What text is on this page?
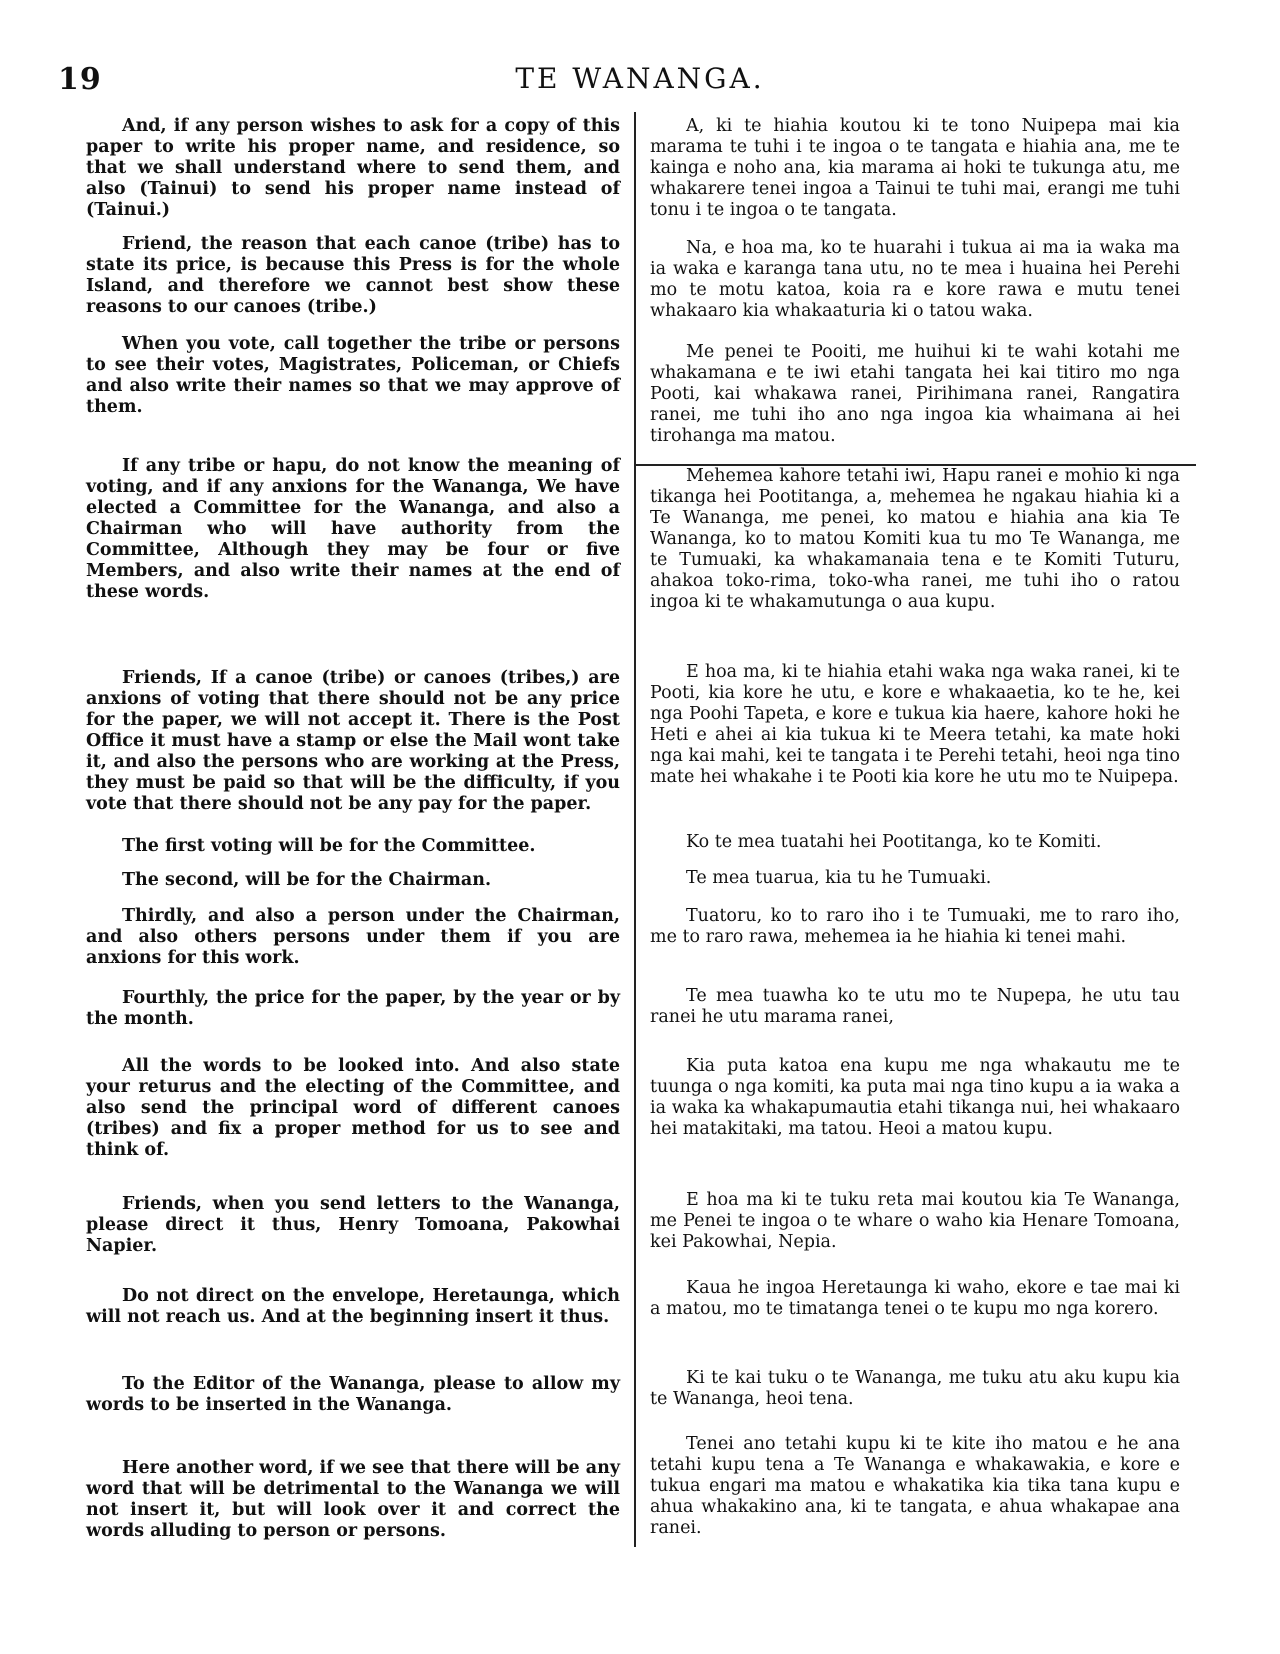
19	TE WANANGA.

And, if any person wishes to ask for a copy of this paper to write his proper name, and residence, so that we shall understand where to send them, and also (Tainui) to send his proper name instead of (Tainui.)

Friend, the reason that each canoe (tribe) has to state its price, is because this Press is for the whole Island, and therefore we cannot best show these reasons to our canoes (tribe.)

When you vote, call together the tribe or persons to see their votes, Magistrates, Policeman, or Chiefs and also write their names so that we may approve of them.

If any tribe or hapu, do not know the meaning of voting, and if any anxions for the Wananga, We have elected a Committee for the Wananga, and also a Chairman who will have authority from the Committee, Although they may be four or five Members, and also write their names at the end of these words.

Friends, If a canoe (tribe) or canoes (tribes,) are anxions of voting that there should not be any price for the paper, we will not accept it. There is the Post Office it must have a stamp or else the Mail wont take it, and also the persons who are working at the Press, they must be paid so that will be the difficulty, if you vote that there should not be any pay for the paper.

The first voting will be for the Committee.

The second, will be for the Chairman.

Thirdly, and also a person under the Chairman, and also others persons under them if you are anxions for this work.

Fourthly, the price for the paper, by the year or by the month.

All the words to be looked into. And also state your returus and the electing of the Committee, and also send the principal word of different canoes (tribes) and fix a proper method for us to see and think of.

Friends, when you send letters to the Wananga, please direct it thus, Henry Tomoana, Pakowhai Napier.

Do not direct on the envelope, Heretaunga, which will not reach us. And at the beginning insert it thus.

To the Editor of the Wananga, please to allow my words to be inserted in the Wananga.

Here another word, if we see that there will be any word that will be detrimental to the Wananga we will not insert it, but will look over it and correct the words alluding to person or persons.

A, ki te hiahia koutou ki te tono Nuipepa mai kia marama te tuhi i te ingoa o te tangata e hiahia ana, me te kainga e noho ana, kia marama ai hoki te tukunga atu, me whakarere tenei ingoa a Tainui te tuhi mai, erangi me tuhi tonu i te ingoa o te tangata.

Na, e hoa ma, ko te huarahi i tukua ai ma ia waka ma ia waka e karanga tana utu, no te mea i huaina hei Perehi mo te motu katoa, koia ra e kore rawa e mutu tenei whakaaro kia whakaaturia ki o tatou waka.

Me penei te Pooiti, me huihui ki te wahi kotahi me whakamana e te iwi etahi tangata hei kai titiro mo nga Pooti, kai whakawa ranei, Pirihimana ranei, Rangatira ranei, me tuhi iho ano nga ingoa kia whaimana ai hei tirohanga ma matou.

Mehemea kahore tetahi iwi, Hapu ranei e mohio ki nga tikanga hei Pootitanga, a, mehemea he ngakau hiahia ki a Te Wananga, me penei, ko matou e hiahia ana kia Te Wananga, ko to matou Komiti kua tu mo Te Wananga, me te Tumuaki, ka whakamanaia tena e te Komiti Tuturu, ahakoa toko-rima, toko-wha ranei, me tuhi iho o ratou ingoa ki te whakamutunga o aua kupu.

E hoa ma, ki te hiahia etahi waka nga waka ranei, ki te Pooti, kia kore he utu, e kore e whakaaetia, ko te he, kei nga Poohi Tapeta, e kore e tukua kia haere, kahore hoki he Heti e ahei ai kia tukua ki te Meera tetahi, ka mate hoki nga kai mahi, kei te tangata i te Perehi tetahi, heoi nga tino mate hei whakahe i te Pooti kia kore he utu mo te Nuipepa.

Ko te mea tuatahi hei Pootitanga, ko te Komiti.

Te mea tuarua, kia tu he Tumuaki.

Tuatoru, ko to raro iho i te Tumuaki, me to raro iho, me to raro rawa, mehemea ia he hiahia ki tenei mahi.

Te mea tuawha ko te utu mo te Nupepa, he utu tau ranei he utu marama ranei,

Kia puta katoa ena kupu me nga whakautu me te tuunga o nga komiti, ka puta mai nga tino kupu a ia waka a ia waka ka whakapumautia etahi tikanga nui, hei whakaaro hei matakitaki, ma tatou. Heoi a matou kupu.

E hoa ma ki te tuku reta mai koutou kia Te Wananga, me Penei te ingoa o te whare o waho kia Henare Tomoana, kei Pakowhai, Nepia.

Kaua he ingoa Heretaunga ki waho, ekore e tae mai ki a matou, mo te timatanga tenei o te kupu mo nga korero.

Ki te kai tuku o te Wananga, me tuku atu aku kupu kia te Wananga, heoi tena.

Tenei ano tetahi kupu ki te kite iho matou e he ana tetahi kupu tena a Te Wananga e whakawakia, e kore e tukua engari ma matou e whakatika kia tika tana kupu e ahua whakakino ana, ki te tangata, e ahua whakapae ana ranei.
